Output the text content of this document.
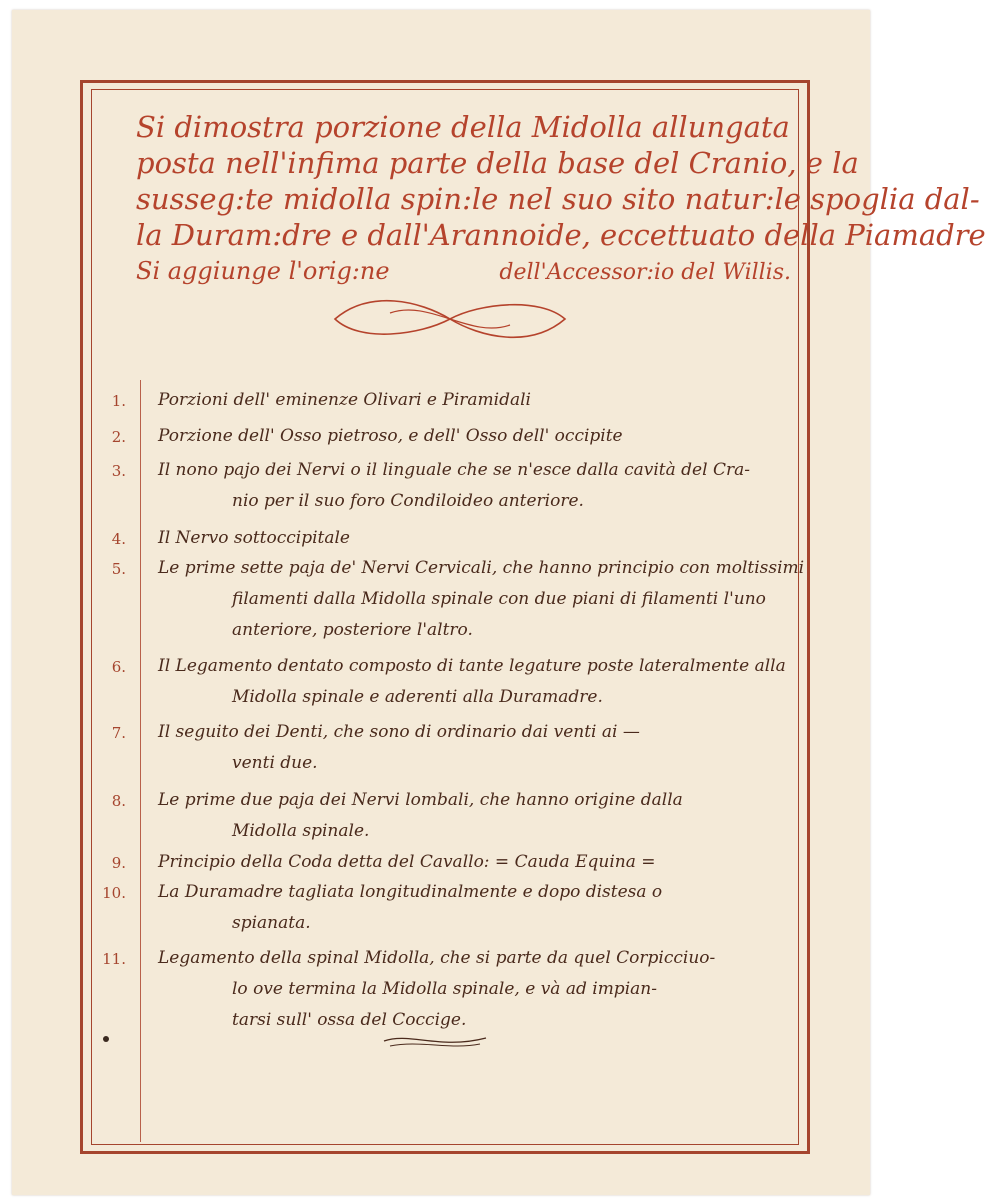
Si dimostra porzione della Midolla allungata
posta nell'infima parte della base del Cranio, e la
susseg:te midolla spin:le nel suo sito natur:le spoglia dal-
la Duram:dre e dall'Arannoide, eccettuato della Piamadre
Si aggiunge l'orig:ne	dell'Accessor:io del Willis.
1. Porzioni dell' eminenze Olivari e Piramidali
2. Porzione dell' Osso pietroso, e dell' Osso dell' occipite
3. Il nono pajo dei Nervi o il linguale che se n'esce dalla cavità del Cra-
nio per il suo foro Condiloideo anteriore.
4. Il Nervo sottoccipitale
5. Le prime sette paja de' Nervi Cervicali, che hanno principio con moltissimi
filamenti dalla Midolla spinale con due piani di filamenti l'uno
anteriore, posteriore l'altro.
6. Il Legamento dentato composto di tante legature poste lateralmente alla
Midolla spinale e aderenti alla Duramadre.
7. Il seguito dei Denti, che sono di ordinario dai venti ai —
venti due.
8. Le prime due paja dei Nervi lombali, che hanno origine dalla
Midolla spinale.
9. Principio della Coda detta del Cavallo: = Cauda Equina =
10. La Duramadre tagliata longitudinalmente e dopo distesa o
spianata.
11. Legamento della spinal Midolla, che si parte da quel Corpicciuo-
lo ove termina la Midolla spinale, e và ad impian-
tarsi sull' ossa del Coccige.
